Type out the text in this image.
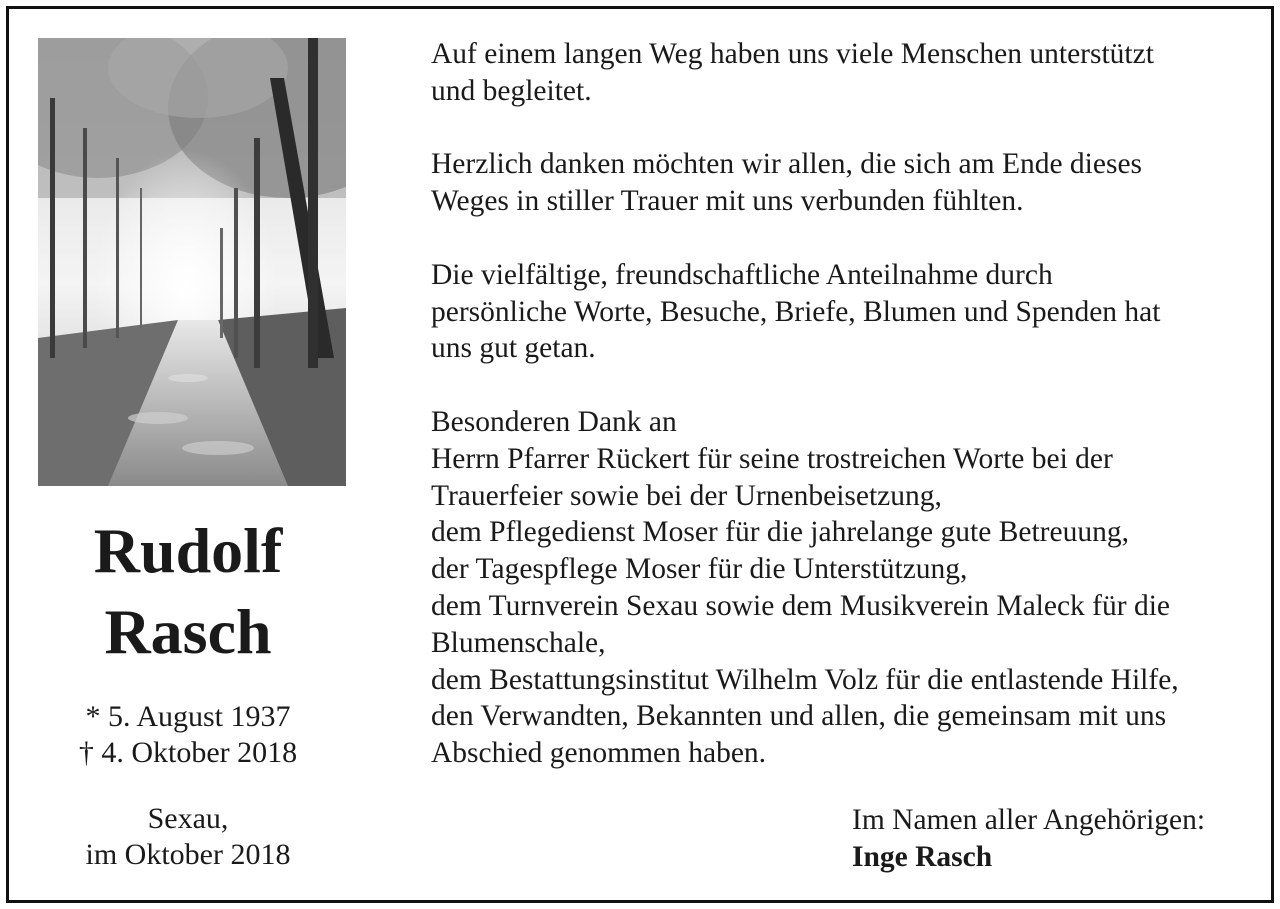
Rudolf
Rasch
* 5. August 1937
† 4. Oktober 2018
Sexau,
im Oktober 2018
Auf einem langen Weg haben uns viele Menschen unterstützt
und begleitet.
Herzlich danken möchten wir allen, die sich am Ende dieses
Weges in stiller Trauer mit uns verbunden fühlten.
Die vielfältige, freundschaftliche Anteilnahme durch
persönliche Worte, Besuche, Briefe, Blumen und Spenden hat
uns gut getan.
Besonderen Dank an
Herrn Pfarrer Rückert für seine trostreichen Worte bei der
Trauerfeier sowie bei der Urnenbeisetzung,
dem Pflegedienst Moser für die jahrelange gute Betreuung,
der Tagespflege Moser für die Unterstützung,
dem Turnverein Sexau sowie dem Musikverein Maleck für die
Blumenschale,
dem Bestattungsinstitut Wilhelm Volz für die entlastende Hilfe,
den Verwandten, Bekannten und allen, die gemeinsam mit uns
Abschied genommen haben.
Im Namen aller Angehörigen:
Inge Rasch
